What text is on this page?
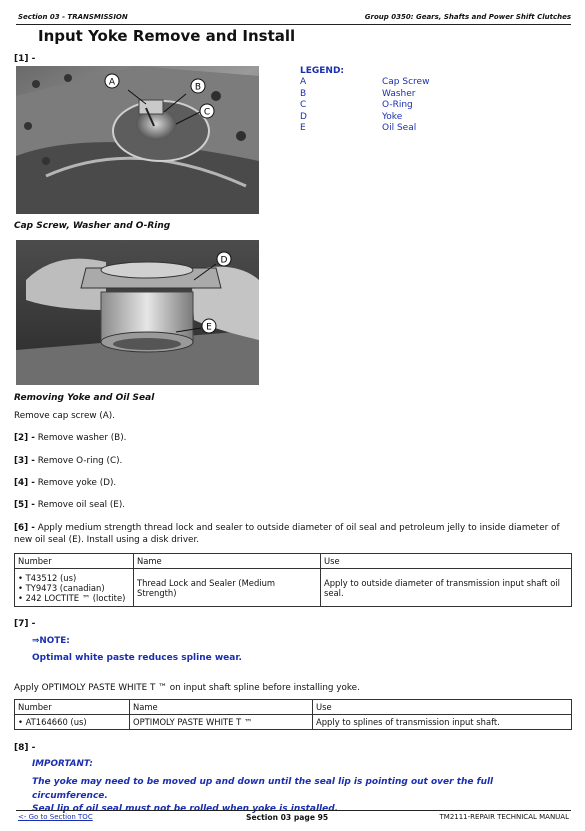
Section 03 - TRANSMISSION	Group 0350: Gears, Shafts and Power Shift Clutches
Input Yoke Remove and Install
[1] -
A	B
C
LEGEND:
A	Cap Screw
B	Washer
C	O-Ring
D	Yoke
E	Oil Seal
Cap Screw, Washer and O-Ring
D
E
Removing Yoke and Oil Seal
Remove cap screw (A).
[2] - Remove washer (B).
[3] - Remove O-ring (C).
[4] - Remove yoke (D).
[5] - Remove oil seal (E).
[6] - Apply medium strength thread lock and sealer to outside diameter of oil seal and petroleum jelly to inside diameter of new oil seal (E). Install using a disk driver.
Number	Name	Use

• T43512 (us)
• TY9473 (canadian)
• 242 LOCTITE ™ (loctite)	Thread Lock and Sealer (Medium Strength)	Apply to outside diameter of transmission input shaft oil seal.
[7] -
⇒NOTE:
Optimal white paste reduces spline wear.
Apply OPTIMOLY PASTE WHITE T ™ on input shaft spline before installing yoke.
Number	Name	Use
• AT164660 (us)	OPTIMOLY PASTE WHITE T ™	Apply to splines of transmission input shaft.
[8] -
IMPORTANT:
The yoke may need to be moved up and down until the seal lip is pointing out over the full circumference.
Seal lip of oil seal must not be rolled when yoke is installed.
<- Go to Section TOC	Section 03 page 95	TM2111-REPAIR TECHNICAL MANUAL
